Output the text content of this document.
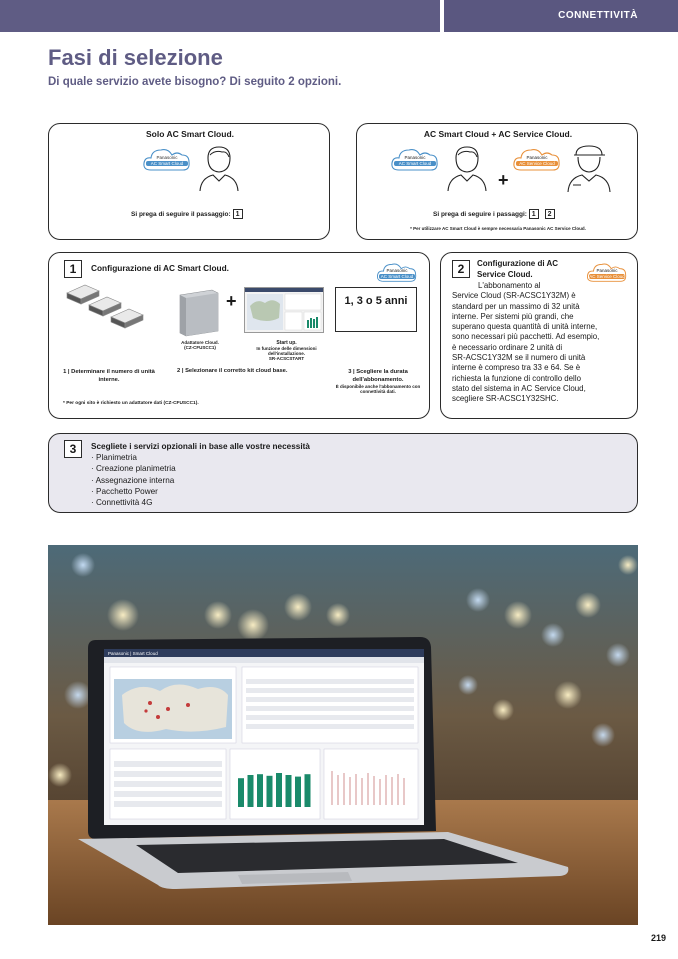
CONNETTIVITÀ
Fasi di selezione
Di quale servizio avete bisogno? Di seguito 2 opzioni.
Solo AC Smart Cloud.
Panasonic
AC Smart Cloud
Si prega di seguire il passaggio: 1
AC Smart Cloud + AC Service Cloud.
Panasonic
AC Smart Cloud
+
Panasonic
AC Service Cloud
Si prega di seguire i passaggi: 1 2
* Per utilizzare AC Smart Cloud è sempre necessaria Panasonic AC Service Cloud.
1	Configurazione di AC Smart Cloud.	Panasonic
AC Smart Cloud
+	1, 3 o 5 anni
Adattatore Cloud.
(CZ-CFUSCC1)
Start up.
In funzione delle dimensioni dell'installazione.
SR-ACSCSTART
1 | Determinare il numero di unità interne.
2 | Selezionare il corretto kit cloud base.	3 | Scegliere la durata dell'abbonamento.
È disponibile anche l'abbonamento con connettività dati.
* Per ogni sito è richiesto un adattatore dati (CZ-CFUSCC1).
2	Configurazione di AC
Service Cloud.	Panasonic
AC Service Cloud
L'abbonamento al
Service Cloud (SR-ACSC1Y32M) è
standard per un massimo di 32 unità
interne. Per sistemi più grandi, che
superano questa quantità di unità interne,
sono necessari più pacchetti. Ad esempio,
è necessario ordinare 2 unità di
SR-ACSC1Y32M se il numero di unità
interne è compreso tra 33 e 64. Se è
richiesta la funzione di controllo dello
stato del sistema in AC Service Cloud,
scegliere SR-ACSC1Y32SHC.
3	Scegliete i servizi opzionali in base alle vostre necessità
· Planimetria
· Creazione planimetria
· Assegnazione interna
· Pacchetto Power
· Connettività 4G
Panasonic | Smart Cloud
219
